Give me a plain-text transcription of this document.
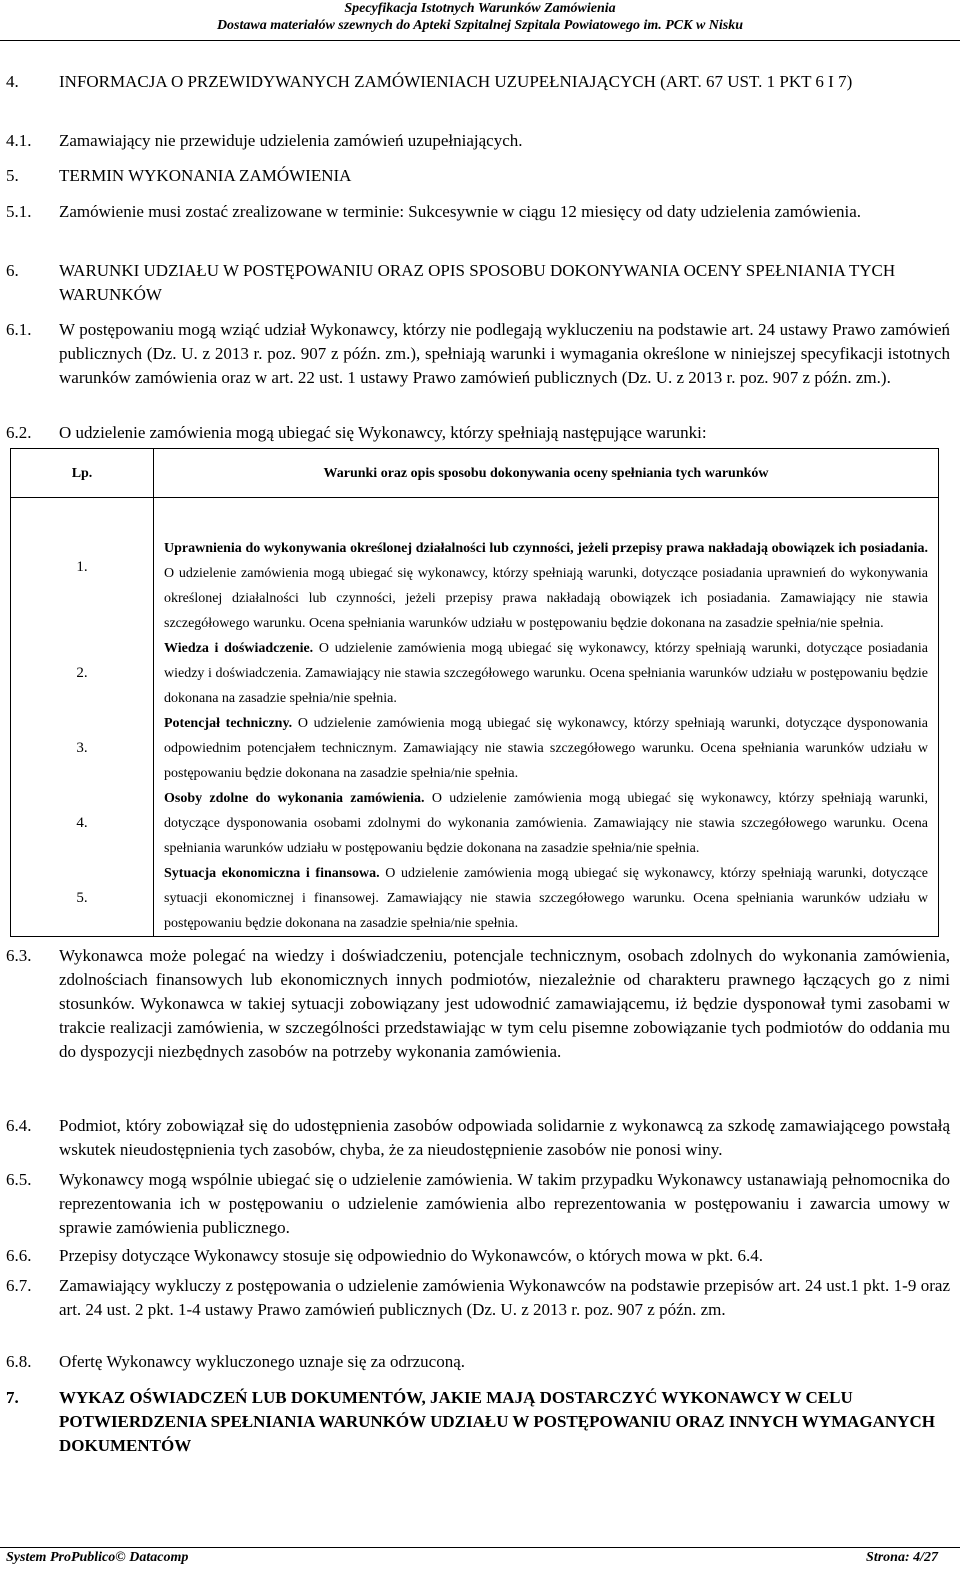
Specyfikacja Istotnych Warunków Zamówienia
Dostawa materiałów szewnych do Apteki Szpitalnej Szpitala Powiatowego im. PCK w Nisku
4. INFORMACJA O PRZEWIDYWANYCH ZAMÓWIENIACH UZUPEŁNIAJĄCYCH (ART. 67 UST. 1 PKT 6 I 7)
4.1. Zamawiający nie przewiduje udzielenia zamówień uzupełniających.
5. TERMIN WYKONANIA ZAMÓWIENIA
5.1. Zamówienie musi zostać zrealizowane w terminie: Sukcesywnie w ciągu 12 miesięcy od daty udzielenia zamówienia.
6. WARUNKI UDZIAŁU W POSTĘPOWANIU ORAZ OPIS SPOSOBU DOKONYWANIA OCENY SPEŁNIANIA TYCH WARUNKÓW
6.1. W postępowaniu mogą wziąć udział Wykonawcy, którzy nie podlegają wykluczeniu na podstawie art. 24 ustawy Prawo zamówień publicznych (Dz. U. z 2013 r. poz. 907 z późn. zm.), spełniają warunki i wymagania określone w niniejszej specyfikacji istotnych warunków zamówienia oraz w art. 22 ust. 1 ustawy Prawo zamówień publicznych (Dz. U. z 2013 r. poz. 907 z późn. zm.).
6.2. O udzielenie zamówienia mogą ubiegać się Wykonawcy, którzy spełniają następujące warunki:
Lp.	Warunki oraz opis sposobu dokonywania oceny spełniania tych warunków
1.	Uprawnienia do wykonywania określonej działalności lub czynności, jeżeli przepisy prawa nakładają obowiązek ich posiadania. O udzielenie zamówienia mogą ubiegać się wykonawcy, którzy spełniają warunki, dotyczące posiadania uprawnień do wykonywania określonej działalności lub czynności, jeżeli przepisy prawa nakładają obowiązek ich posiadania. Zamawiający nie stawia szczegółowego warunku. Ocena spełniania warunków udziału w postępowaniu będzie dokonana na zasadzie spełnia/nie spełnia.
2.	Wiedza i doświadczenie. O udzielenie zamówienia mogą ubiegać się wykonawcy, którzy spełniają warunki, dotyczące posiadania wiedzy i doświadczenia. Zamawiający nie stawia szczegółowego warunku. Ocena spełniania warunków udziału w postępowaniu będzie dokonana na zasadzie spełnia/nie spełnia.
3.	Potencjał techniczny. O udzielenie zamówienia mogą ubiegać się wykonawcy, którzy spełniają warunki, dotyczące dysponowania odpowiednim potencjałem technicznym. Zamawiający nie stawia szczegółowego warunku. Ocena spełniania warunków udziału w postępowaniu będzie dokonana na zasadzie spełnia/nie spełnia.
4.	Osoby zdolne do wykonania zamówienia. O udzielenie zamówienia mogą ubiegać się wykonawcy, którzy spełniają warunki, dotyczące dysponowania osobami zdolnymi do wykonania zamówienia. Zamawiający nie stawia szczegółowego warunku. Ocena spełniania warunków udziału w postępowaniu będzie dokonana na zasadzie spełnia/nie spełnia.
5.	Sytuacja ekonomiczna i finansowa. O udzielenie zamówienia mogą ubiegać się wykonawcy, którzy spełniają warunki, dotyczące sytuacji ekonomicznej i finansowej. Zamawiający nie stawia szczegółowego warunku. Ocena spełniania warunków udziału w postępowaniu będzie dokonana na zasadzie spełnia/nie spełnia.
6.3. Wykonawca może polegać na wiedzy i doświadczeniu, potencjale technicznym, osobach zdolnych do wykonania zamówienia, zdolnościach finansowych lub ekonomicznych innych podmiotów, niezależnie od charakteru prawnego łączących go z nimi stosunków. Wykonawca w takiej sytuacji zobowiązany jest udowodnić zamawiającemu, iż będzie dysponował tymi zasobami w trakcie realizacji zamówienia, w szczególności przedstawiając w tym celu pisemne zobowiązanie tych podmiotów do oddania mu do dyspozycji niezbędnych zasobów na potrzeby wykonania zamówienia.
6.4. Podmiot, który zobowiązał się do udostępnienia zasobów odpowiada solidarnie z wykonawcą za szkodę zamawiającego powstałą wskutek nieudostępnienia tych zasobów, chyba, że za nieudostępnienie zasobów nie ponosi winy.
6.5. Wykonawcy mogą wspólnie ubiegać się o udzielenie zamówienia. W takim przypadku Wykonawcy ustanawiają pełnomocnika do reprezentowania ich w postępowaniu o udzielenie zamówienia albo reprezentowania w postępowaniu i zawarcia umowy w sprawie zamówienia publicznego.
6.6. Przepisy dotyczące Wykonawcy stosuje się odpowiednio do Wykonawców, o których mowa w pkt. 6.4.
6.7. Zamawiający wykluczy z postępowania o udzielenie zamówienia Wykonawców na podstawie przepisów art. 24 ust.1 pkt. 1-9 oraz art. 24 ust. 2 pkt. 1-4 ustawy Prawo zamówień publicznych (Dz. U. z 2013 r. poz. 907 z późn. zm.
6.8. Ofertę Wykonawcy wykluczonego uznaje się za odrzuconą.
7. WYKAZ OŚWIADCZEŃ LUB DOKUMENTÓW, JAKIE MAJĄ DOSTARCZYĆ WYKONAWCY W CELU POTWIERDZENIA SPEŁNIANIA WARUNKÓW UDZIAŁU W POSTĘPOWANIU ORAZ INNYCH WYMAGANYCH DOKUMENTÓW
System ProPublico© Datacomp	Strona: 4/27
